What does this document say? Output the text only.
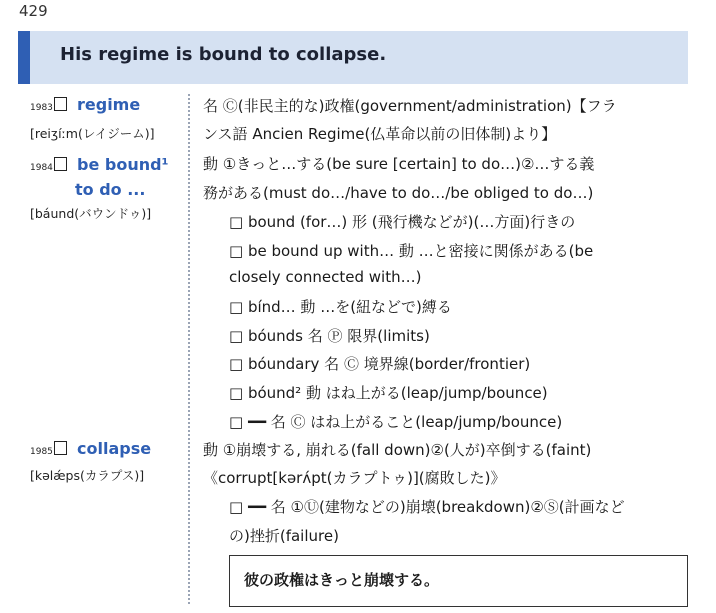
429
His regime is bound to collapse.
1983 regime
[reiʒíːm(レイジーム)]
名 Ⓒ(非民主的な)政権(government/administration)【フラ
ンス語 Ancien Regime(仏革命以前の旧体制)より】
1984 be bound¹
to do ...
[báund(バウンドゥ)]
動 ①きっと…する(be sure [certain] to do…)②…する義
務がある(must do…/have to do…/be obliged to do…)
□ bound (for…) 形 (飛行機などが)(…方面)行きの
□ be bound up with… 動 …と密接に関係がある(be
closely connected with…)
□ bínd… 動 …を(紐などで)縛る
□ bóunds 名 Ⓟ 限界(limits)
□ bóundary 名 Ⓒ 境界線(border/frontier)
□ bóund² 動 はね上がる(leap/jump/bounce)
□ ━━ 名 Ⓒ はね上がること(leap/jump/bounce)
1985 collapse
[kəlǽps(カラプス)]
動 ①崩壊する, 崩れる(fall down)②(人が)卒倒する(faint)
《corrupt[kərʌ́pt(カラプトゥ)](腐敗した)》
□ ━━ 名 ①Ⓤ(建物などの)崩壊(breakdown)②Ⓢ(計画など
の)挫折(failure)
彼の政権はきっと崩壊する。
